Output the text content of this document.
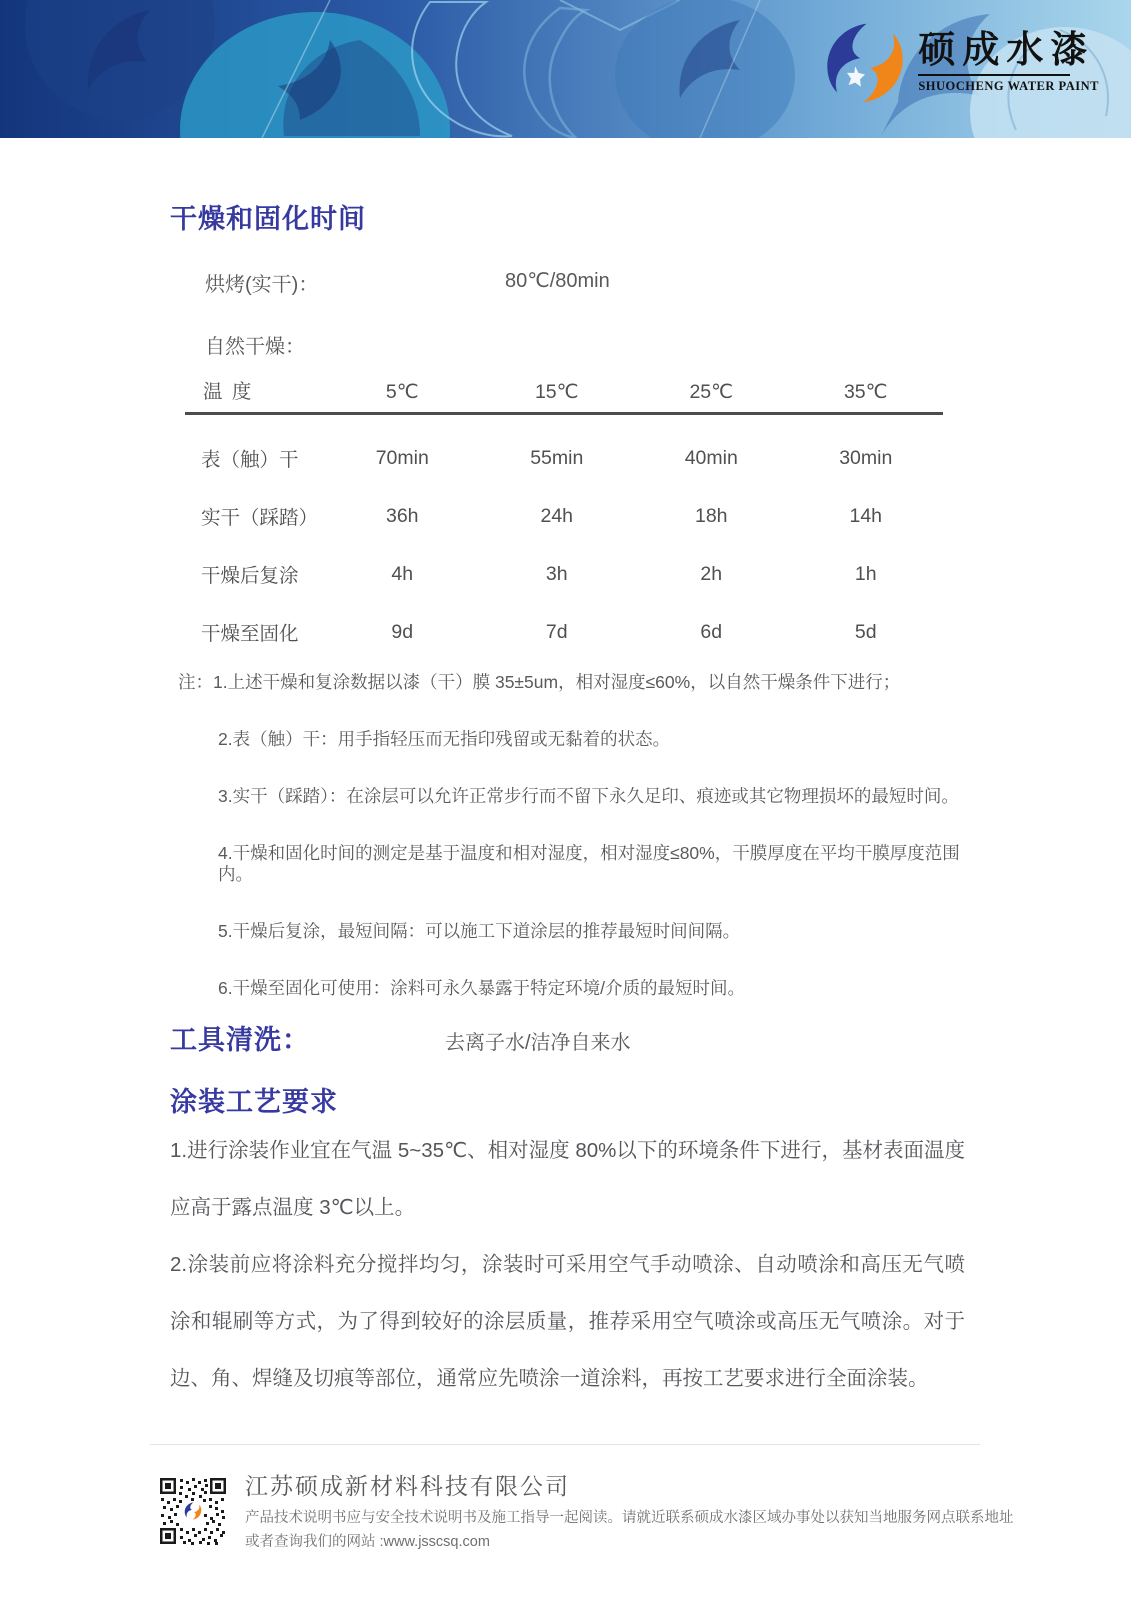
硕成水漆
SHUOCHENG WATER PAINT
干燥和固化时间
烘烤(实干)：	80℃/80min
自然干燥：
温 度	5℃	15℃	25℃	35℃
表（触）干	70min	55min	40min	30min
实干（踩踏）	36h	24h	18h	14h
干燥后复涂	4h	3h	2h	1h
干燥至固化	9d	7d	6d	5d
注：1.上述干燥和复涂数据以漆（干）膜 35±5um，相对湿度≤60%，以自然干燥条件下进行；
2.表（触）干：用手指轻压而无指印残留或无黏着的状态。
3.实干（踩踏）：在涂层可以允许正常步行而不留下永久足印、痕迹或其它物理损坏的最短时间。
4.干燥和固化时间的测定是基于温度和相对湿度，相对湿度≤80%，干膜厚度在平均干膜厚度范围内。
5.干燥后复涂，最短间隔：可以施工下道涂层的推荐最短时间间隔。
6.干燥至固化可使用：涂料可永久暴露于特定环境/介质的最短时间。
工具清洗：	去离子水/洁净自来水
涂装工艺要求

1.进行涂装作业宜在气温 5~35℃、相对湿度 80%以下的环境条件下进行，基材表面温度应高于露点温度 3℃以上。

2.涂装前应将涂料充分搅拌均匀，涂装时可采用空气手动喷涂、自动喷涂和高压无气喷涂和辊刷等方式，为了得到较好的涂层质量，推荐采用空气喷涂或高压无气喷涂。对于边、角、焊缝及切痕等部位，通常应先喷涂一道涂料，再按工艺要求进行全面涂装。

江苏硕成新材料科技有限公司
产品技术说明书应与安全技术说明书及施工指导一起阅读。请就近联系硕成水漆区域办事处以获知当地服务网点联系地址
或者查询我们的网站 :www.jsscsq.com
